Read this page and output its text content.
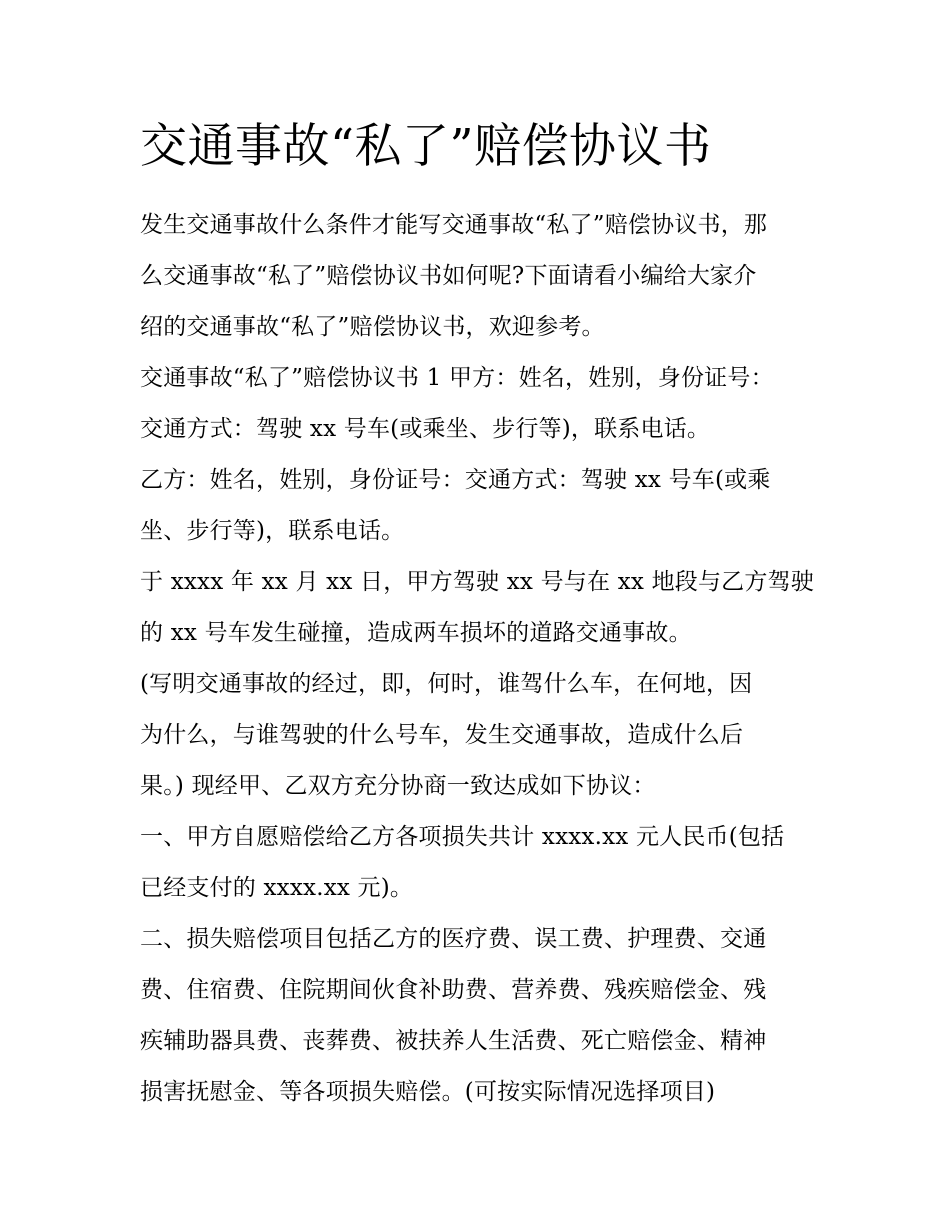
交通事故“私了”赔偿协议书

发生交通事故什么条件才能写交通事故“私了”赔偿协议书，那
么交通事故“私了”赔偿协议书如何呢?下面请看小编给大家介
绍的交通事故“私了”赔偿协议书，欢迎参考。

交通事故“私了”赔偿协议书 1 甲方：姓名，姓别，身份证号：
交通方式：驾驶 xx 号车(或乘坐、步行等)，联系电话。

乙方：姓名，姓别，身份证号：交通方式：驾驶 xx 号车(或乘
坐、步行等)，联系电话。

于 xxxx 年 xx 月 xx 日，甲方驾驶 xx 号与在 xx 地段与乙方驾驶
的 xx 号车发生碰撞，造成两车损坏的道路交通事故。

(写明交通事故的经过，即，何时，谁驾什么车，在何地，因
为什么，与谁驾驶的什么号车，发生交通事故，造成什么后
果。) 现经甲、乙双方充分协商一致达成如下协议：

一、甲方自愿赔偿给乙方各项损失共计 xxxx.xx 元人民币(包括
已经支付的 xxxx.xx 元)。

二、损失赔偿项目包括乙方的医疗费、误工费、护理费、交通
费、住宿费、住院期间伙食补助费、营养费、残疾赔偿金、残
疾辅助器具费、丧葬费、被扶养人生活费、死亡赔偿金、精神
损害抚慰金、等各项损失赔偿。(可按实际情况选择项目)
